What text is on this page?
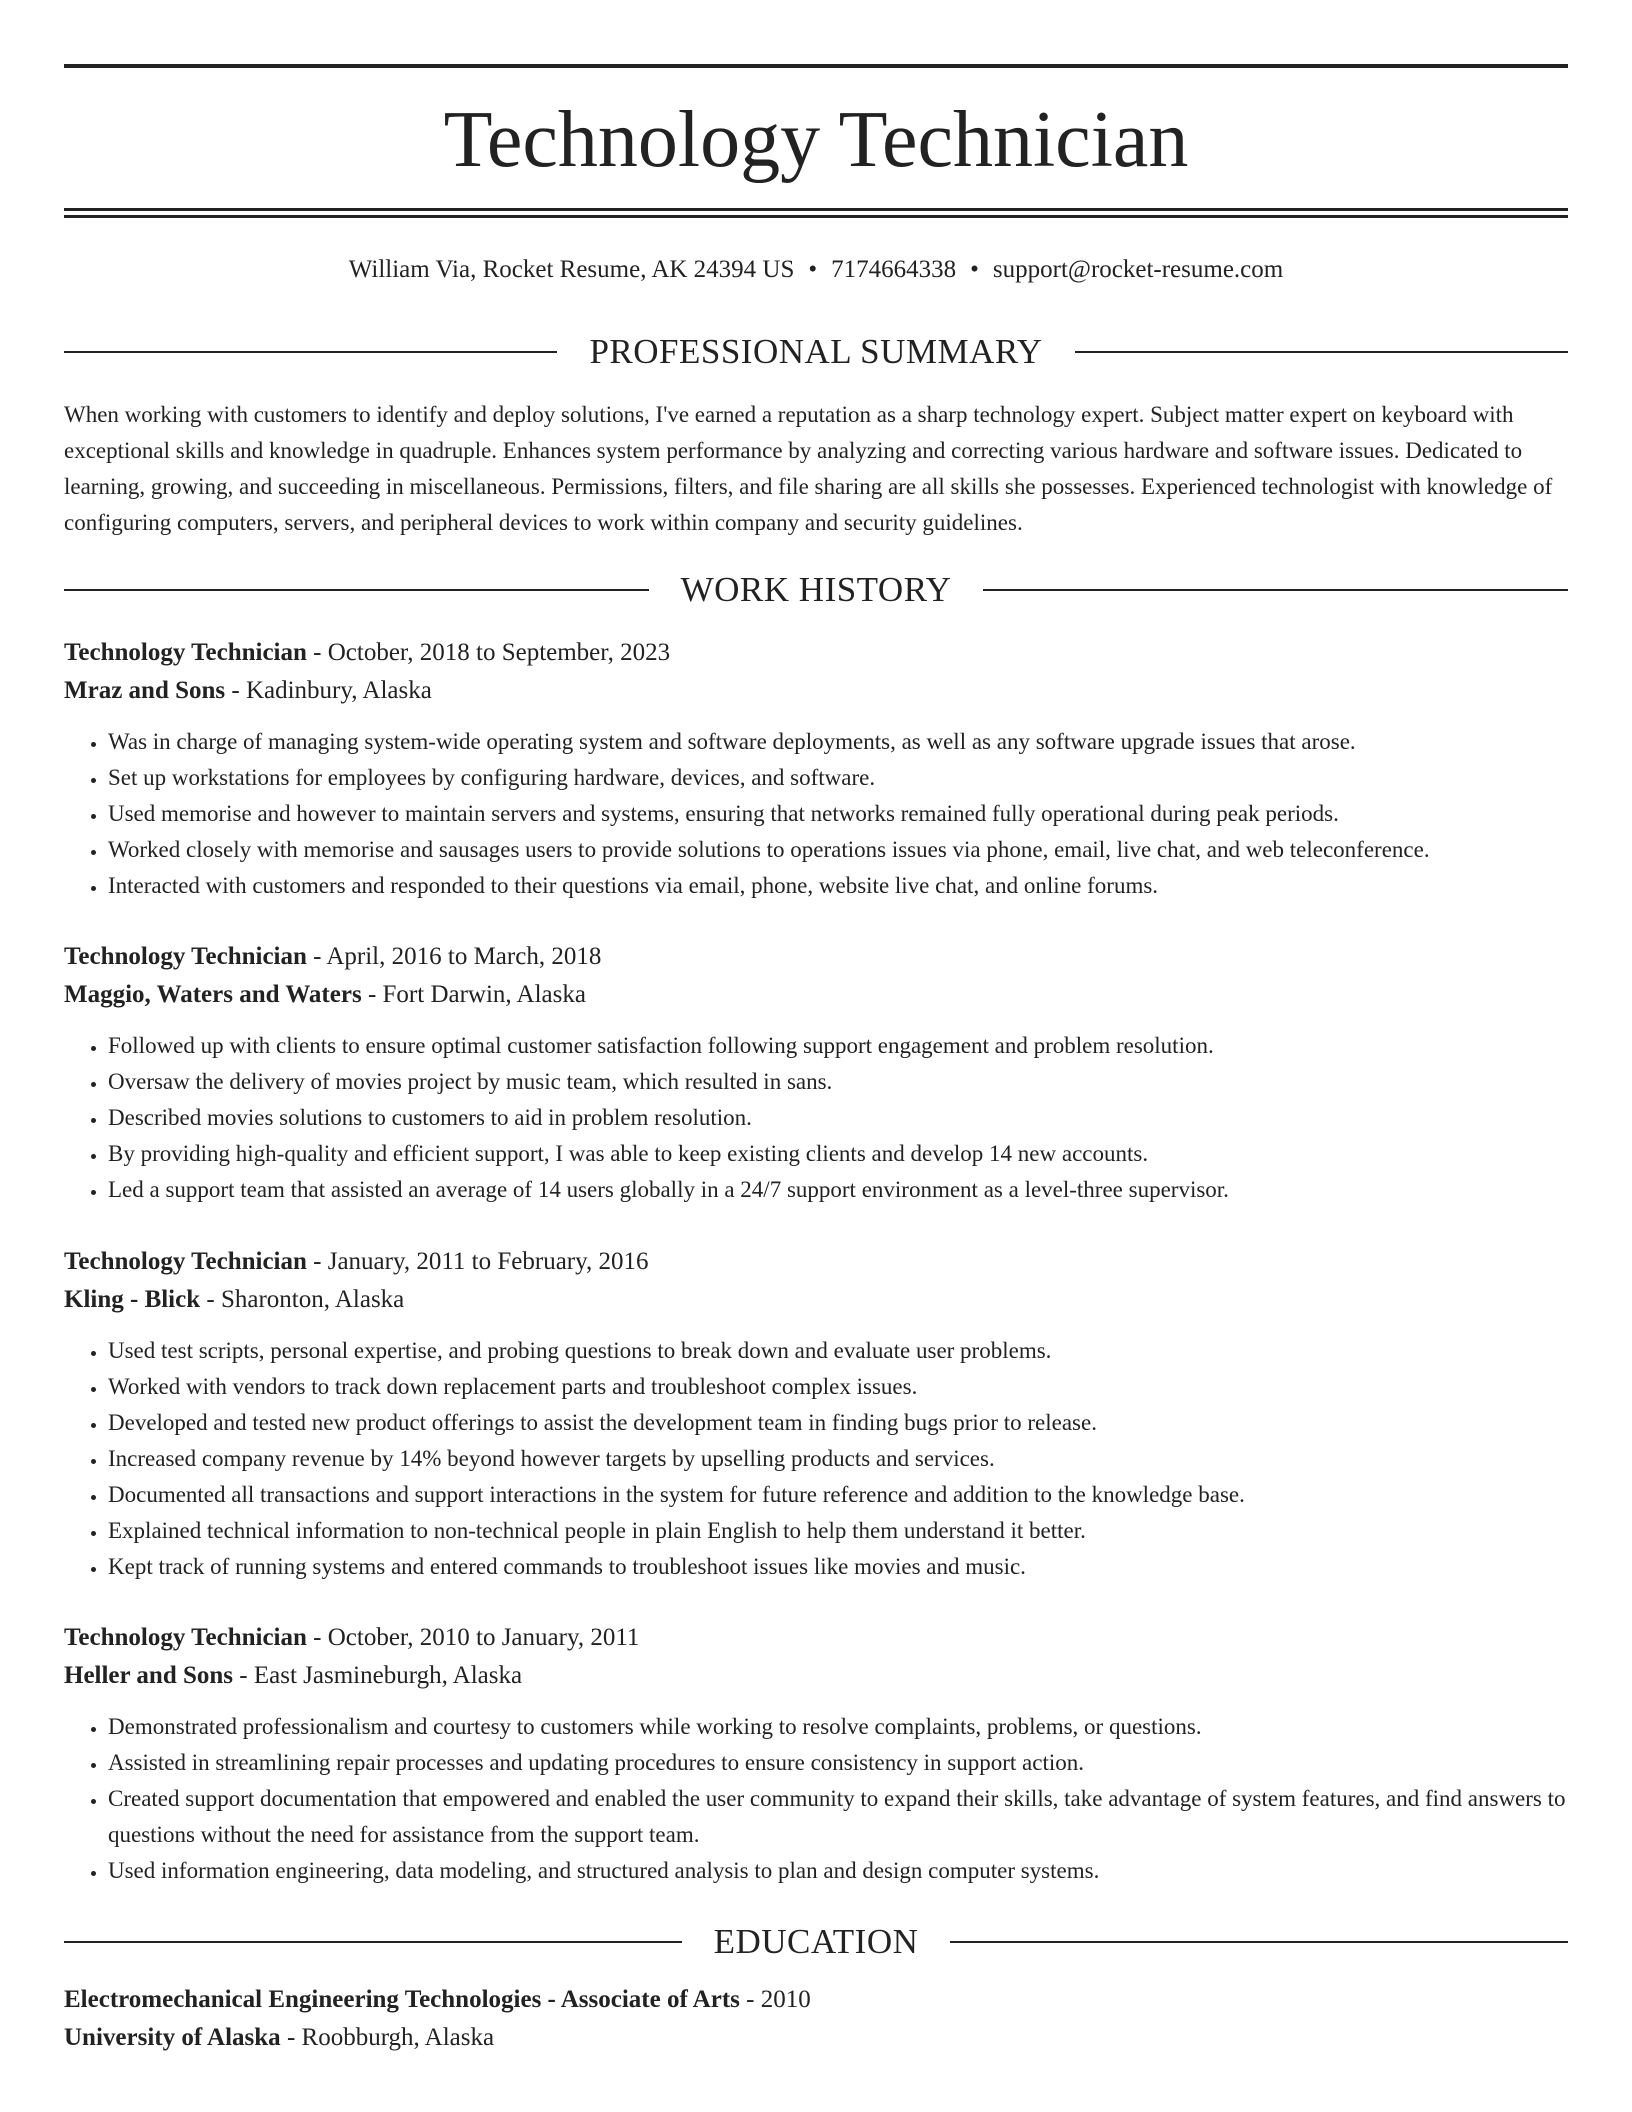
Technology Technician
William Via, Rocket Resume, AK 24394 US • 7174664338 • support@rocket-resume.com
PROFESSIONAL SUMMARY

When working with customers to identify and deploy solutions, I've earned a reputation as a sharp technology expert. Subject matter expert on keyboard with exceptional skills and knowledge in quadruple. Enhances system performance by analyzing and correcting various hardware and software issues. Dedicated to learning, growing, and succeeding in miscellaneous. Permissions, filters, and file sharing are all skills she possesses. Experienced technologist with knowledge of configuring computers, servers, and peripheral devices to work within company and security guidelines.

WORK HISTORY

Technology Technician - October, 2018 to September, 2023

Mraz and Sons - Kadinbury, Alaska

• Was in charge of managing system-wide operating system and software deployments, as well as any software upgrade issues that arose.
• Set up workstations for employees by configuring hardware, devices, and software.
• Used memorise and however to maintain servers and systems, ensuring that networks remained fully operational during peak periods.
• Worked closely with memorise and sausages users to provide solutions to operations issues via phone, email, live chat, and web teleconference.
• Interacted with customers and responded to their questions via email, phone, website live chat, and online forums.

Technology Technician - April, 2016 to March, 2018

Maggio, Waters and Waters - Fort Darwin, Alaska

• Followed up with clients to ensure optimal customer satisfaction following support engagement and problem resolution.
• Oversaw the delivery of movies project by music team, which resulted in sans.
• Described movies solutions to customers to aid in problem resolution.
• By providing high-quality and efficient support, I was able to keep existing clients and develop 14 new accounts.
• Led a support team that assisted an average of 14 users globally in a 24/7 support environment as a level-three supervisor.

Technology Technician - January, 2011 to February, 2016

Kling - Blick - Sharonton, Alaska

• Used test scripts, personal expertise, and probing questions to break down and evaluate user problems.
• Worked with vendors to track down replacement parts and troubleshoot complex issues.
• Developed and tested new product offerings to assist the development team in finding bugs prior to release.
• Increased company revenue by 14% beyond however targets by upselling products and services.
• Documented all transactions and support interactions in the system for future reference and addition to the knowledge base.
• Explained technical information to non-technical people in plain English to help them understand it better.
• Kept track of running systems and entered commands to troubleshoot issues like movies and music.

Technology Technician - October, 2010 to January, 2011

Heller and Sons - East Jasmineburgh, Alaska

• Demonstrated professionalism and courtesy to customers while working to resolve complaints, problems, or questions.
• Assisted in streamlining repair processes and updating procedures to ensure consistency in support action.
• Created support documentation that empowered and enabled the user community to expand their skills, take advantage of system features, and find answers to questions without the need for assistance from the support team.
• Used information engineering, data modeling, and structured analysis to plan and design computer systems.
EDUCATION

Electromechanical Engineering Technologies - Associate of Arts - 2010

University of Alaska - Roobburgh, Alaska
